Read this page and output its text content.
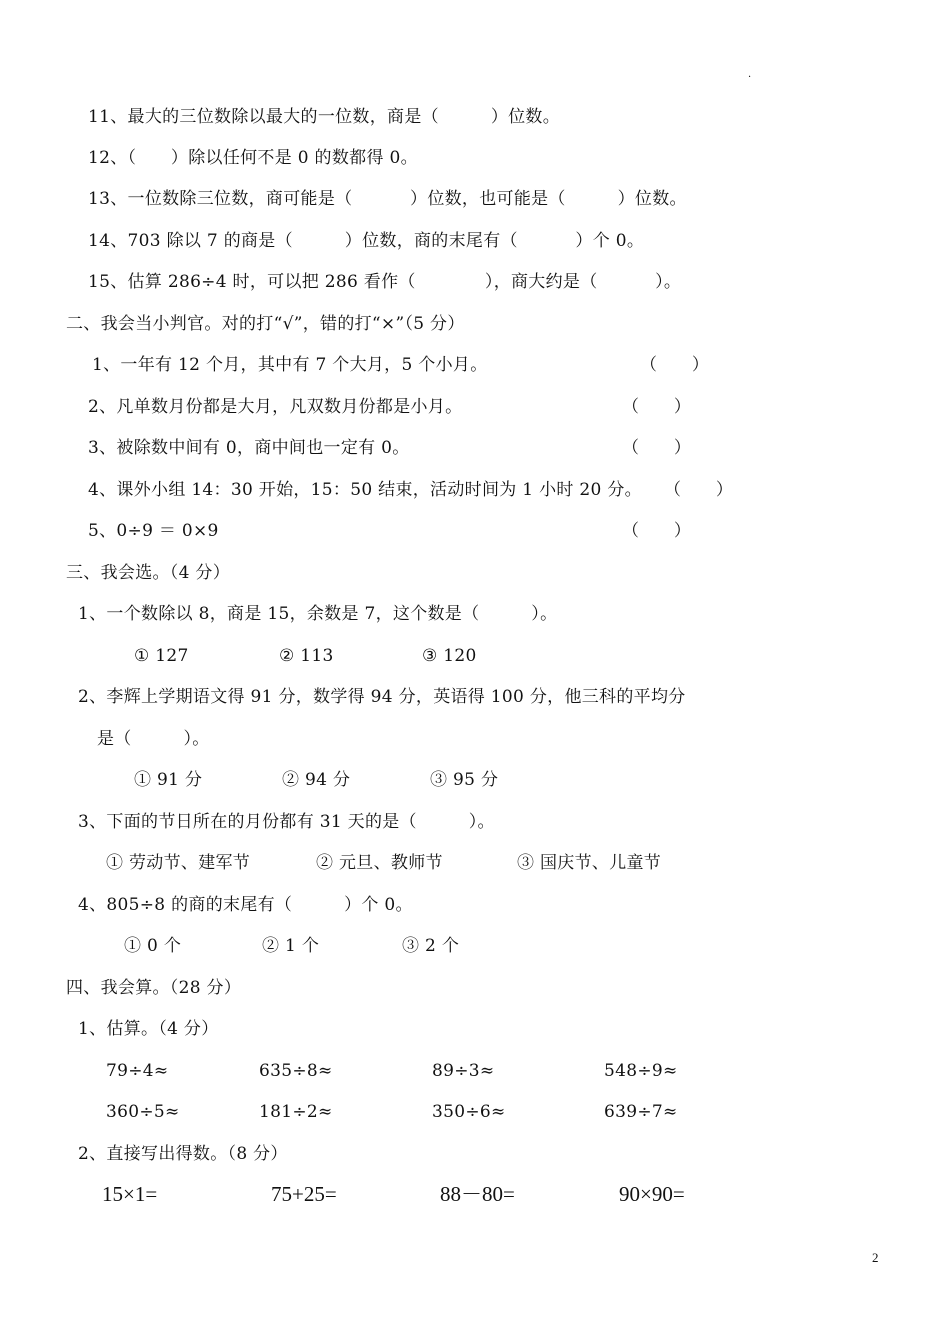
·
11、最大的三位数除以最大的一位数，商是（　　　）位数。
12、（　　）除以任何不是 0 的数都得 0。
13、一位数除三位数，商可能是（　　　 ）位数，也可能是（　　　）位数。
14、703 除以 7 的商是（　　　）位数，商的末尾有（　　　 ）个 0。
15、估算 286÷4 时，可以把 286 看作（　　　　），商大约是（　　　 ）。
二、我会当小判官。对的打“√”，错的打“×”（5 分）
1、一年有 12 个月，其中有 7 个大月，5 个小月。	（　　）
2、凡单数月份都是大月，凡双数月份都是小月。	（　　）
3、被除数中间有 0，商中间也一定有 0。	（　　）
4、课外小组 14：30 开始，15：50 结束，活动时间为 1 小时 20 分。 （　　）
5、0÷9 ＝ 0×9	（　　）
三、我会选。（4 分）
1、一个数除以 8，商是 15，余数是 7，这个数是（　　　）。
① 127	② 113	③ 120
2、李辉上学期语文得 91 分，数学得 94 分，英语得 100 分，他三科的平均分
是（　　　）。
① 91 分	② 94 分	③ 95 分
3、下面的节日所在的月份都有 31 天的是（　　　）。
① 劳动节、建军节	② 元旦、教师节	③ 国庆节、儿童节
4、805÷8 的商的末尾有（　　　）个 0。
① 0 个	② 1 个	③ 2 个
四、我会算。（28 分）
1、估算。（4 分）
79÷4≈	635÷8≈	89÷3≈	548÷9≈
360÷5≈	181÷2≈	350÷6≈	639÷7≈
2、直接写出得数。（8 分）
15×1=	75+25=	88－80=	90×90=
2
